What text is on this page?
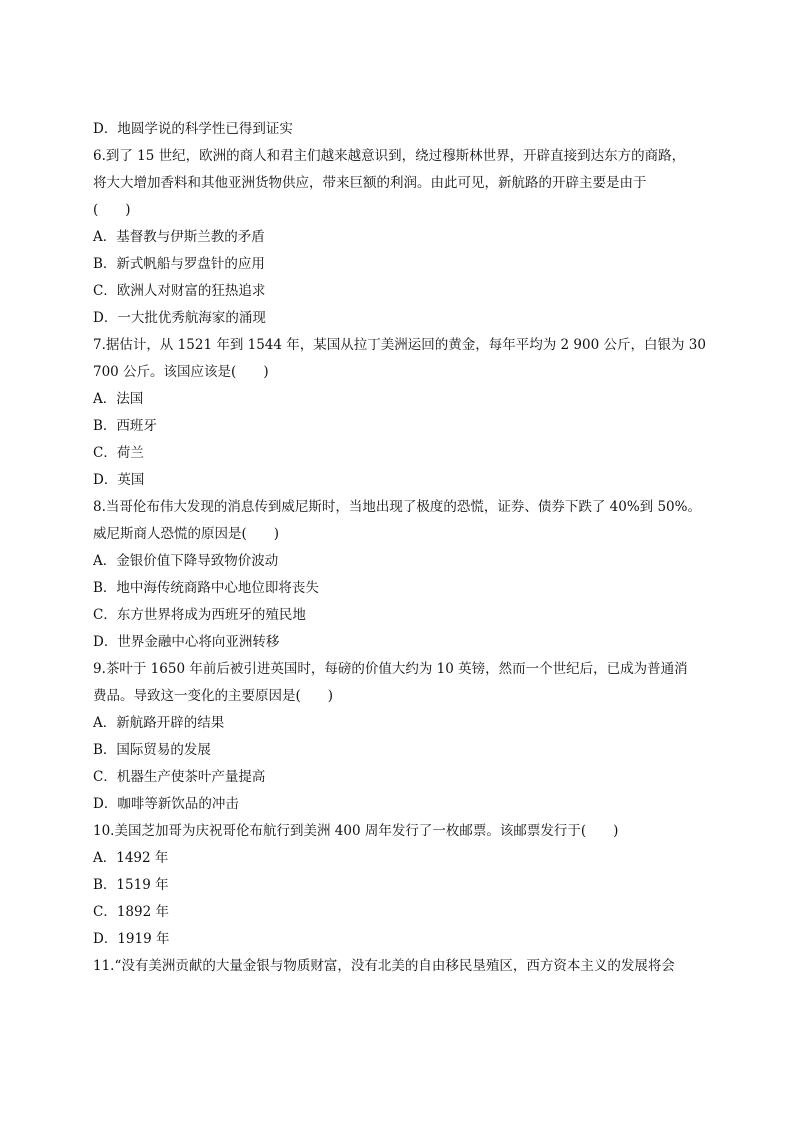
D．地圆学说的科学性已得到证实
6.到了 15 世纪，欧洲的商人和君主们越来越意识到，绕过穆斯林世界，开辟直接到达东方的商路，
将大大增加香料和其他亚洲货物供应，带来巨额的利润。由此可见，新航路的开辟主要是由于
(　　)
A．基督教与伊斯兰教的矛盾
B．新式帆船与罗盘针的应用
C．欧洲人对财富的狂热追求
D．一大批优秀航海家的涌现
7.据估计，从 1521 年到 1544 年，某国从拉丁美洲运回的黄金，每年平均为 2 900 公斤，白银为 30
700 公斤。该国应该是(　　)
A．法国
B．西班牙
C．荷兰
D．英国
8.当哥伦布伟大发现的消息传到威尼斯时，当地出现了极度的恐慌，证券、债券下跌了 40%到 50%。
威尼斯商人恐慌的原因是(　　)
A．金银价值下降导致物价波动
B．地中海传统商路中心地位即将丧失
C．东方世界将成为西班牙的殖民地
D．世界金融中心将向亚洲转移
9.茶叶于 1650 年前后被引进英国时，每磅的价值大约为 10 英镑，然而一个世纪后，已成为普通消
费品。导致这一变化的主要原因是(　　)
A．新航路开辟的结果
B．国际贸易的发展
C．机器生产使茶叶产量提高
D．咖啡等新饮品的冲击
10.美国芝加哥为庆祝哥伦布航行到美洲 400 周年发行了一枚邮票。该邮票发行于(　　)
A．1492 年
B．1519 年
C．1892 年
D．1919 年
11.“没有美洲贡献的大量金银与物质财富，没有北美的自由移民垦殖区，西方资本主义的发展将会
